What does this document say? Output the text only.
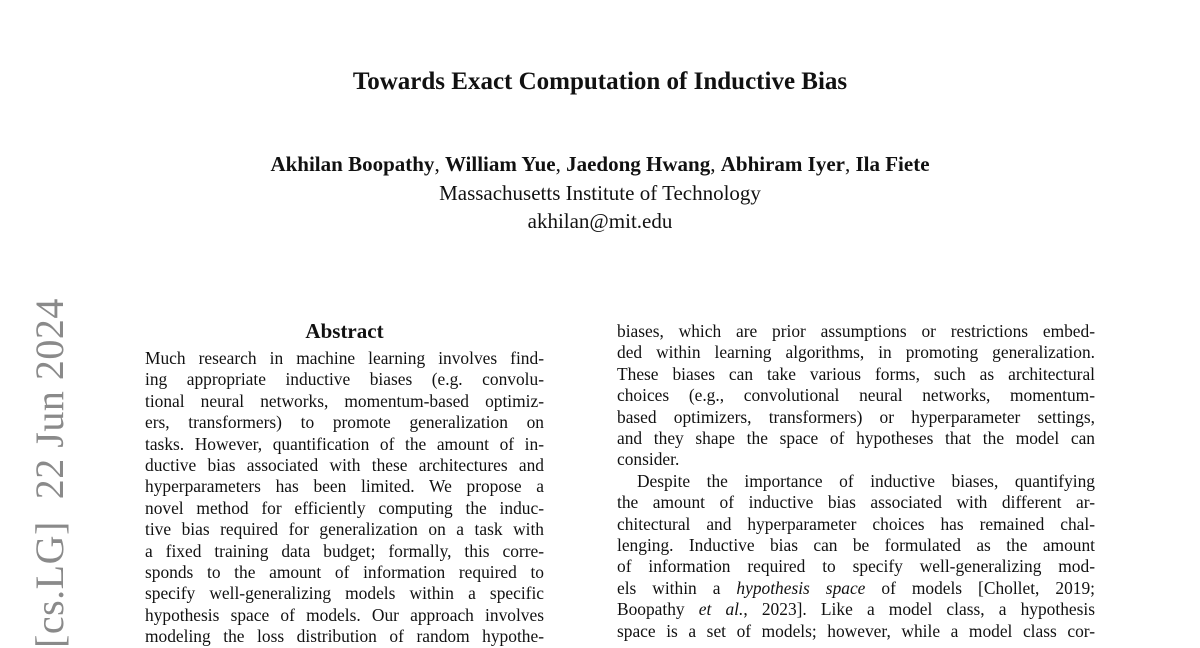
[cs.LG]22 Jun 2024
Towards Exact Computation of Inductive Bias
Akhilan Boopathy, William Yue, Jaedong Hwang, Abhiram Iyer, Ila Fiete
Massachusetts Institute of Technology
akhilan@mit.edu
Abstract
Much research in machine learning involves find-
ing appropriate inductive biases (e.g. convolu-
tional neural networks, momentum-based optimiz-
ers, transformers) to promote generalization on
tasks. However, quantification of the amount of in-
ductive bias associated with these architectures and
hyperparameters has been limited. We propose a
novel method for efficiently computing the induc-
tive bias required for generalization on a task with
a fixed training data budget; formally, this corre-
sponds to the amount of information required to
specify well-generalizing models within a specific
hypothesis space of models. Our approach involves
modeling the loss distribution of random hypothe-
biases, which are prior assumptions or restrictions embed-
ded within learning algorithms, in promoting generalization.
These biases can take various forms, such as architectural
choices (e.g., convolutional neural networks, momentum-
based optimizers, transformers) or hyperparameter settings,
and they shape the space of hypotheses that the model can
consider.
Despite the importance of inductive biases, quantifying
the amount of inductive bias associated with different ar-
chitectural and hyperparameter choices has remained chal-
lenging. Inductive bias can be formulated as the amount
of information required to specify well-generalizing mod-
els within a hypothesis space of models [Chollet, 2019;
Boopathy et al., 2023]. Like a model class, a hypothesis
space is a set of models; however, while a model class cor-
